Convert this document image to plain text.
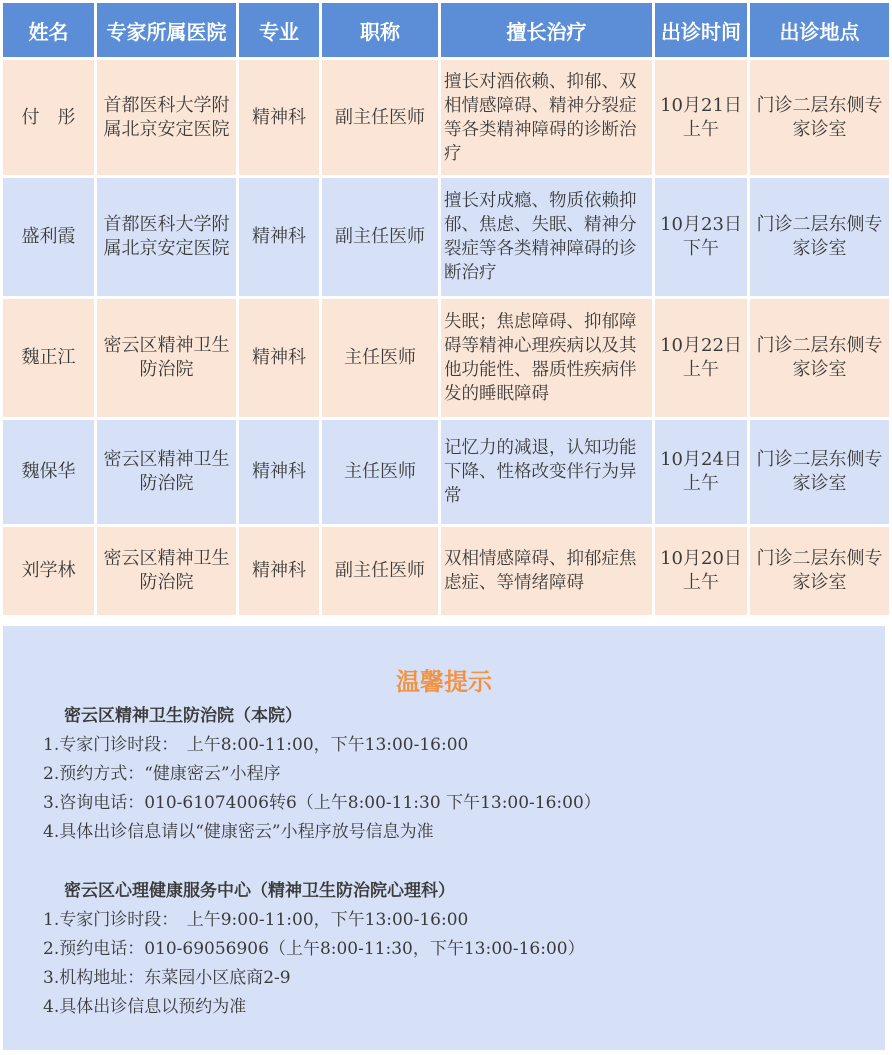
姓名	专家所属医院	专业	职称	擅长治疗	出诊时间	出诊地点
付　彤	首都医科大学附属北京安定医院	精神科	副主任医师	擅长对酒依赖、抑郁、双相情感障碍、精神分裂症等各类精神障碍的诊断治疗	10月21日上午	门诊二层东侧专家诊室
盛利霞	首都医科大学附属北京安定医院	精神科	副主任医师	擅长对成瘾、物质依赖抑郁、焦虑、失眠、精神分裂症等各类精神障碍的诊断治疗	10月23日下午	门诊二层东侧专家诊室
魏正江	密云区精神卫生防治院	精神科	主任医师	失眠；焦虑障碍、抑郁障碍等精神心理疾病以及其他功能性、器质性疾病伴发的睡眠障碍	10月22日上午	门诊二层东侧专家诊室
魏保华	密云区精神卫生防治院	精神科	主任医师	记忆力的减退，认知功能下降、性格改变伴行为异常	10月24日上午	门诊二层东侧专家诊室
刘学林	密云区精神卫生防治院	精神科	副主任医师	双相情感障碍、抑郁症焦虑症、等情绪障碍	10月20日上午	门诊二层东侧专家诊室
温馨提示
密云区精神卫生防治院（本院）
1.专家门诊时段：　上午8:00-11:00，下午13:00-16:00
2.预约方式：“健康密云”小程序
3.咨询电话：010-61074006转6（上午8:00-11:30 下午13:00-16:00）
4.具体出诊信息请以“健康密云”小程序放号信息为准
密云区心理健康服务中心（精神卫生防治院心理科）
1.专家门诊时段：　上午9:00-11:00，下午13:00-16:00
2.预约电话：010-69056906（上午8:00-11:30，下午13:00-16:00）
3.机构地址：东菜园小区底商2-9
4.具体出诊信息以预约为准
